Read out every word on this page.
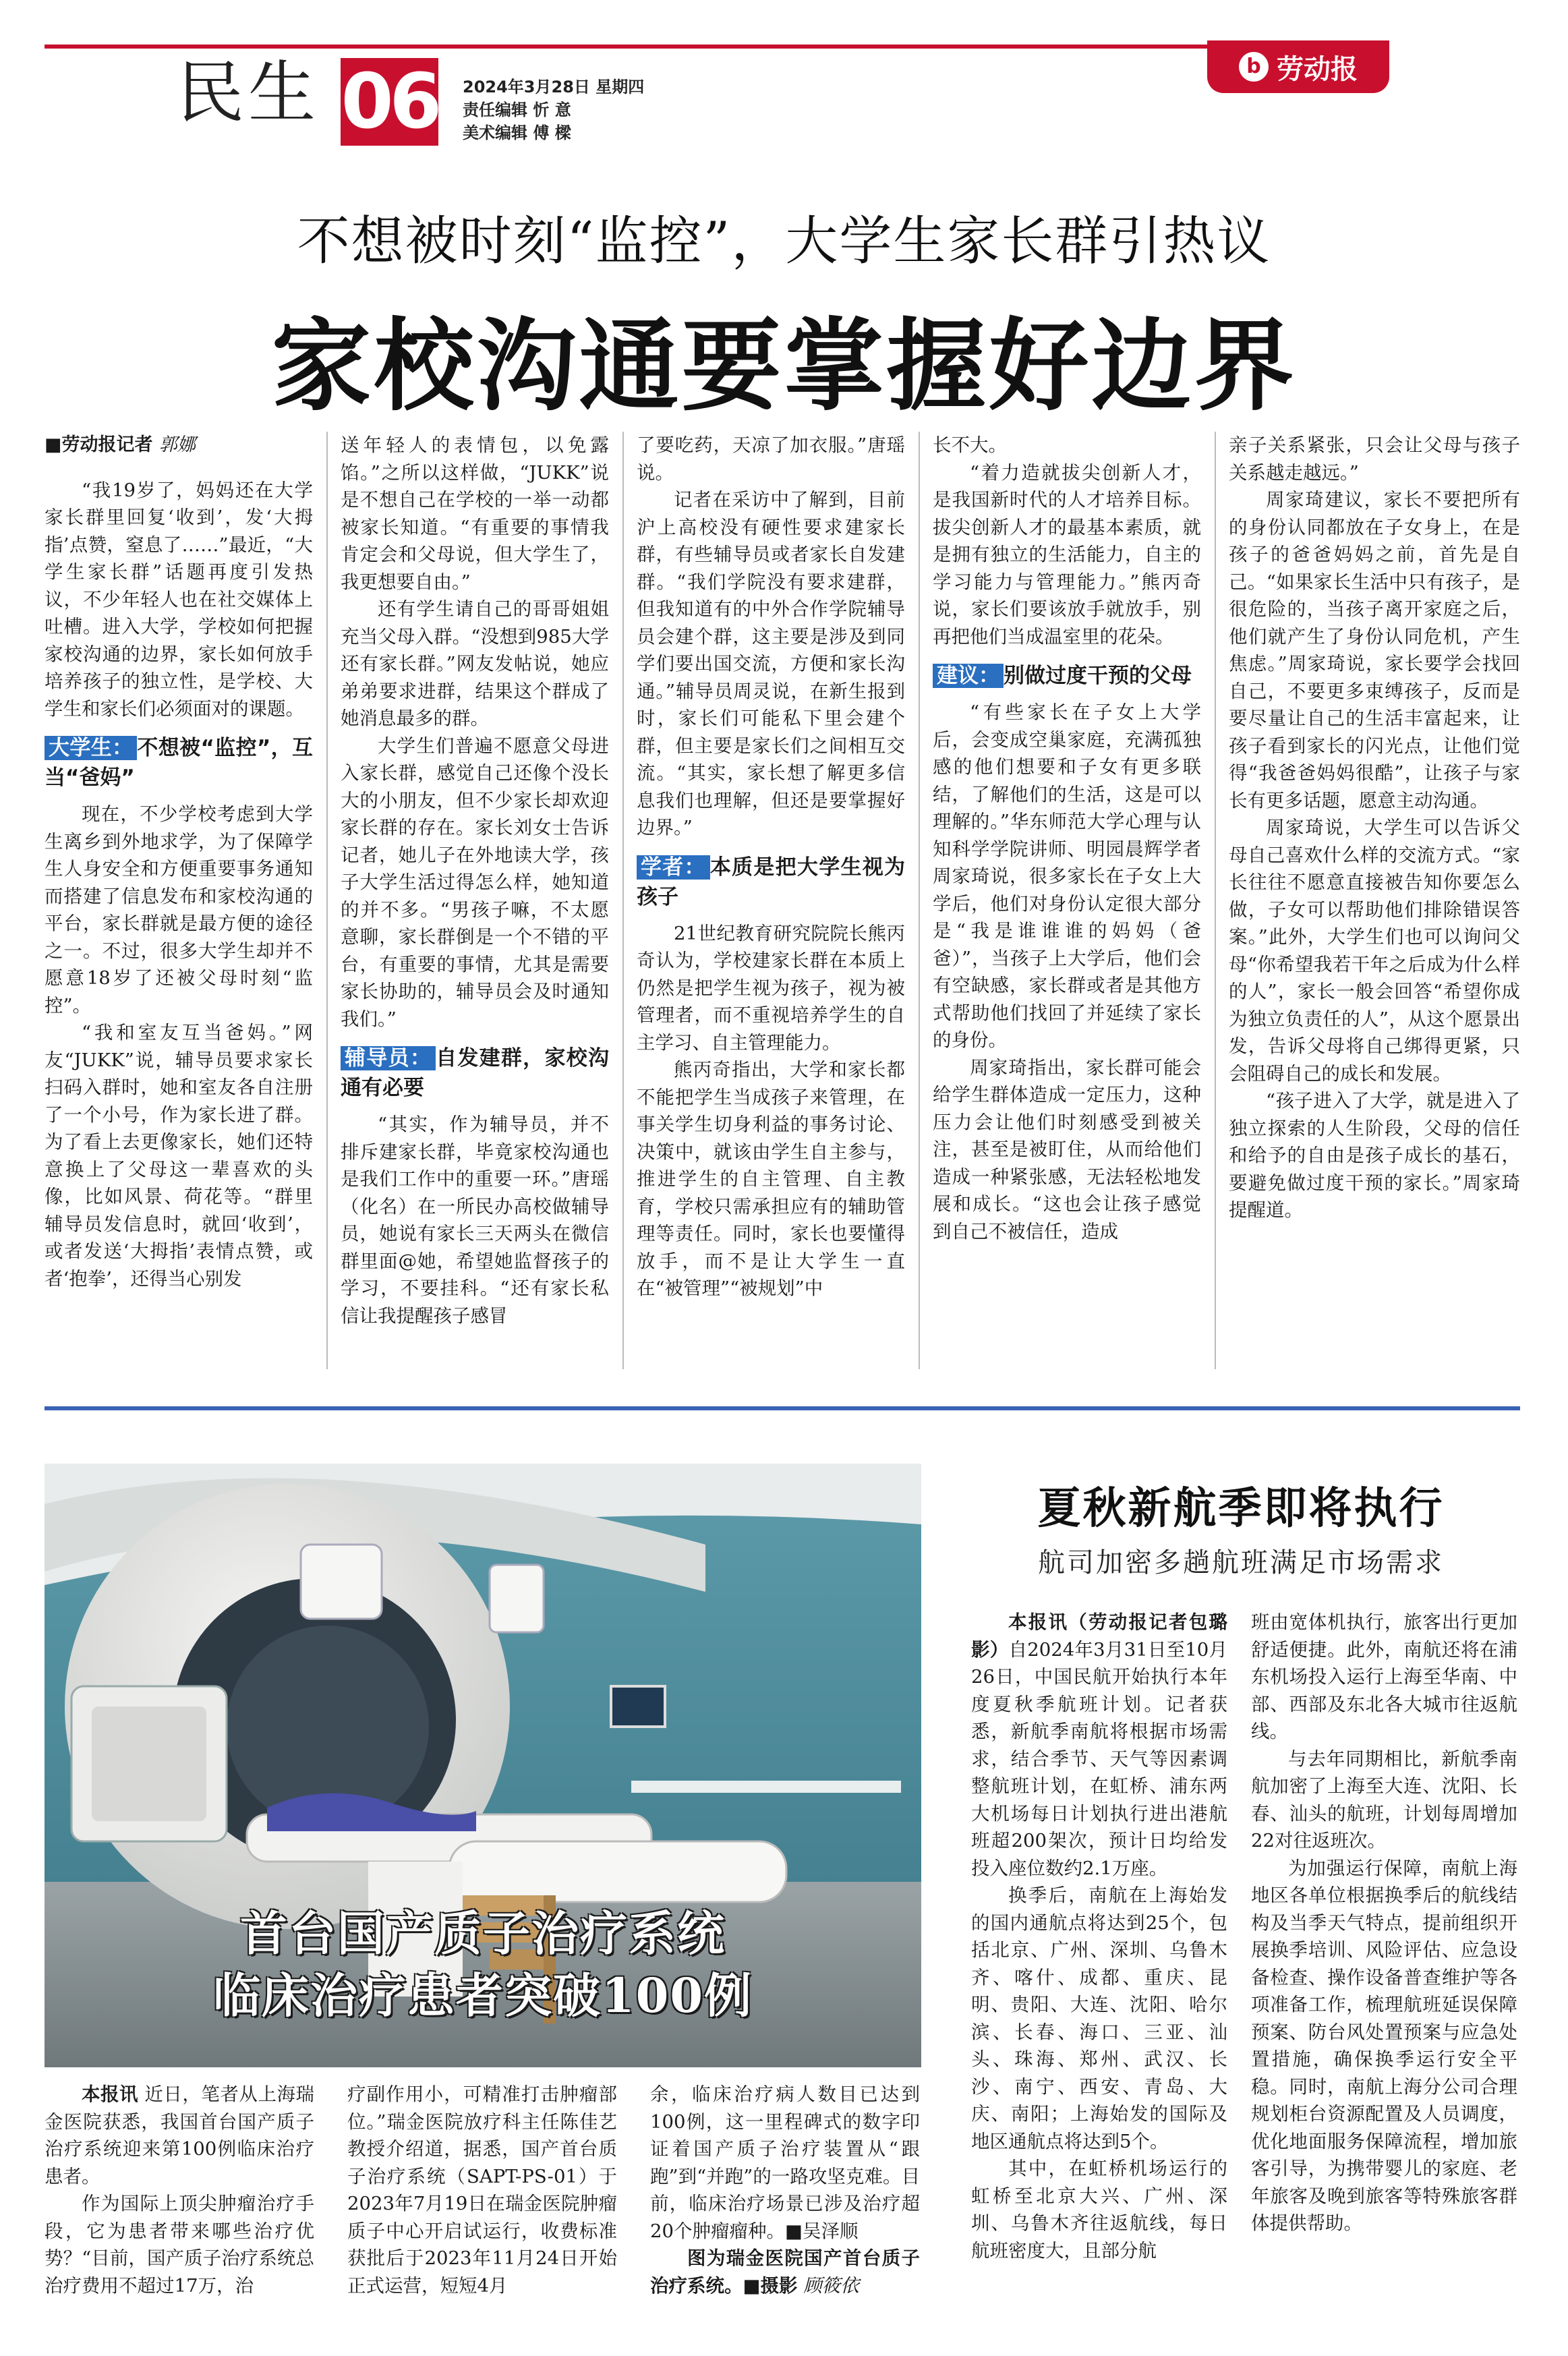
民生 06 2024年3月28日 星期四
责任编辑 忻 意
美术编辑 傅 樑
b 劳动报
不想被时刻“监控”，大学生家长群引热议
家校沟通要掌握好边界
■劳动报记者 郭娜

“我19岁了，妈妈还在大学家长群里回复‘收到’，发‘大拇指’点赞，窒息了……”最近，“大学生家长群”话题再度引发热议，不少年轻人也在社交媒体上吐槽。进入大学，学校如何把握家校沟通的边界，家长如何放手培养孩子的独立性，是学校、大学生和家长们必须面对的课题。

大学生： 不想被“监控”，互当“爸妈”

现在，不少学校考虑到大学生离乡到外地求学，为了保障学生人身安全和方便重要事务通知而搭建了信息发布和家校沟通的平台，家长群就是最方便的途径之一。不过，很多大学生却并不愿意18岁了还被父母时刻“监控”。

“我和室友互当爸妈。”网友“JUKK”说，辅导员要求家长扫码入群时，她和室友各自注册了一个小号，作为家长进了群。为了看上去更像家长，她们还特意换上了父母这一辈喜欢的头像，比如风景、荷花等。“群里辅导员发信息时，就回‘收到’，或者发送‘大拇指’表情点赞，或者‘抱拳’，还得当心别发

送年轻人的表情包，以免露馅。”之所以这样做，“JUKK”说是不想自己在学校的一举一动都被家长知道。“有重要的事情我肯定会和父母说，但大学生了，我更想要自由。”

还有学生请自己的哥哥姐姐充当父母入群。“没想到985大学还有家长群。”网友发帖说，她应弟弟要求进群，结果这个群成了她消息最多的群。

大学生们普遍不愿意父母进入家长群，感觉自己还像个没长大的小朋友，但不少家长却欢迎家长群的存在。家长刘女士告诉记者，她儿子在外地读大学，孩子大学生活过得怎么样，她知道的并不多。“男孩子嘛，不太愿意聊，家长群倒是一个不错的平台，有重要的事情，尤其是需要家长协助的，辅导员会及时通知我们。”

辅导员： 自发建群，家校沟通有必要

“其实，作为辅导员，并不排斥建家长群，毕竟家校沟通也是我们工作中的重要一环。”唐瑶（化名）在一所民办高校做辅导员，她说有家长三天两头在微信群里面@她，希望她监督孩子的学习，不要挂科。“还有家长私信让我提醒孩子感冒

了要吃药，天凉了加衣服。”唐瑶说。

记者在采访中了解到，目前沪上高校没有硬性要求建家长群，有些辅导员或者家长自发建群。“我们学院没有要求建群，但我知道有的中外合作学院辅导员会建个群，这主要是涉及到同学们要出国交流，方便和家长沟通。”辅导员周灵说，在新生报到时，家长们可能私下里会建个群，但主要是家长们之间相互交流。“其实，家长想了解更多信息我们也理解，但还是要掌握好边界。”

学者： 本质是把大学生视为孩子

21世纪教育研究院院长熊丙奇认为，学校建家长群在本质上仍然是把学生视为孩子，视为被管理者，而不重视培养学生的自主学习、自主管理能力。

熊丙奇指出，大学和家长都不能把学生当成孩子来管理，在事关学生切身利益的事务讨论、决策中，就该由学生自主参与，推进学生的自主管理、自主教育，学校只需承担应有的辅助管理等责任。同时，家长也要懂得放手，而不是让大学生一直在“被管理”“被规划”中

长不大。

“着力造就拔尖创新人才，是我国新时代的人才培养目标。拔尖创新人才的最基本素质，就是拥有独立的生活能力，自主的学习能力与管理能力。”熊丙奇说，家长们要该放手就放手，别再把他们当成温室里的花朵。

建议： 别做过度干预的父母

“有些家长在子女上大学后，会变成空巢家庭，充满孤独感的他们想要和子女有更多联结，了解他们的生活，这是可以理解的。”华东师范大学心理与认知科学学院讲师、明园晨辉学者周家琦说，很多家长在子女上大学后，他们对身份认定很大部分是“我是谁谁谁的妈妈（爸爸）”，当孩子上大学后，他们会有空缺感，家长群或者是其他方式帮助他们找回了并延续了家长的身份。

周家琦指出，家长群可能会给学生群体造成一定压力，这种压力会让他们时刻感受到被关注，甚至是被盯住，从而给他们造成一种紧张感，无法轻松地发展和成长。“这也会让孩子感觉到自己不被信任，造成

亲子关系紧张，只会让父母与孩子关系越走越远。”

周家琦建议，家长不要把所有的身份认同都放在子女身上，在是孩子的爸爸妈妈之前，首先是自己。“如果家长生活中只有孩子，是很危险的，当孩子离开家庭之后，他们就产生了身份认同危机，产生焦虑。”周家琦说，家长要学会找回自己，不要更多束缚孩子，反而是要尽量让自己的生活丰富起来，让孩子看到家长的闪光点，让他们觉得“我爸爸妈妈很酷”，让孩子与家长有更多话题，愿意主动沟通。

周家琦说，大学生可以告诉父母自己喜欢什么样的交流方式。“家长往往不愿意直接被告知你要怎么做，子女可以帮助他们排除错误答案。”此外，大学生们也可以询问父母“你希望我若干年之后成为什么样的人”，家长一般会回答“希望你成为独立负责任的人”，从这个愿景出发，告诉父母将自己绑得更紧，只会阻碍自己的成长和发展。

“孩子进入了大学，就是进入了独立探索的人生阶段，父母的信任和给予的自由是孩子成长的基石，要避免做过度干预的家长。”周家琦提醒道。

首台国产质子治疗系统
临床治疗患者突破100例

本报讯 近日，笔者从上海瑞金医院获悉，我国首台国产质子治疗系统迎来第100例临床治疗患者。

作为国际上顶尖肿瘤治疗手段，它为患者带来哪些治疗优势？“目前，国产质子治疗系统总治疗费用不超过17万，治

疗副作用小，可精准打击肿瘤部位。”瑞金医院放疗科主任陈佳艺教授介绍道，据悉，国产首台质子治疗系统（SAPT-PS-01）于2023年7月19日在瑞金医院肿瘤质子中心开启试运行，收费标准获批后于2023年11月24日开始正式运营，短短4月

余，临床治疗病人数目已达到100例，这一里程碑式的数字印证着国产质子治疗装置从“跟跑”到“并跑”的一路攻坚克难。目前，临床治疗场景已涉及治疗超20个肿瘤瘤种。■吴泽顺

图为瑞金医院国产首台质子治疗系统。■摄影 顾筱依

夏秋新航季即将执行
航司加密多趟航班满足市场需求

本报讯（劳动报记者包璐影）自2024年3月31日至10月26日，中国民航开始执行本年度夏秋季航班计划。记者获悉，新航季南航将根据市场需求，结合季节、天气等因素调整航班计划，在虹桥、浦东两大机场每日计划执行进出港航班超200架次，预计日均给发投入座位数约2.1万座。

换季后，南航在上海始发的国内通航点将达到25个，包括北京、广州、深圳、乌鲁木齐、喀什、成都、重庆、昆明、贵阳、大连、沈阳、哈尔滨、长春、海口、三亚、汕头、珠海、郑州、武汉、长沙、南宁、西安、青岛、大庆、南阳；上海始发的国际及地区通航点将达到5个。

其中，在虹桥机场运行的虹桥至北京大兴、广州、深圳、乌鲁木齐往返航线，每日航班密度大，且部分航

班由宽体机执行，旅客出行更加舒适便捷。此外，南航还将在浦东机场投入运行上海至华南、中部、西部及东北各大城市往返航线。

与去年同期相比，新航季南航加密了上海至大连、沈阳、长春、汕头的航班，计划每周增加22对往返班次。

为加强运行保障，南航上海地区各单位根据换季后的航线结构及当季天气特点，提前组织开展换季培训、风险评估、应急设备检查、操作设备普查维护等各项准备工作，梳理航班延误保障预案、防台风处置预案与应急处置措施，确保换季运行安全平稳。同时，南航上海分公司合理规划柜台资源配置及人员调度，优化地面服务保障流程，增加旅客引导，为携带婴儿的家庭、老年旅客及晚到旅客等特殊旅客群体提供帮助。
